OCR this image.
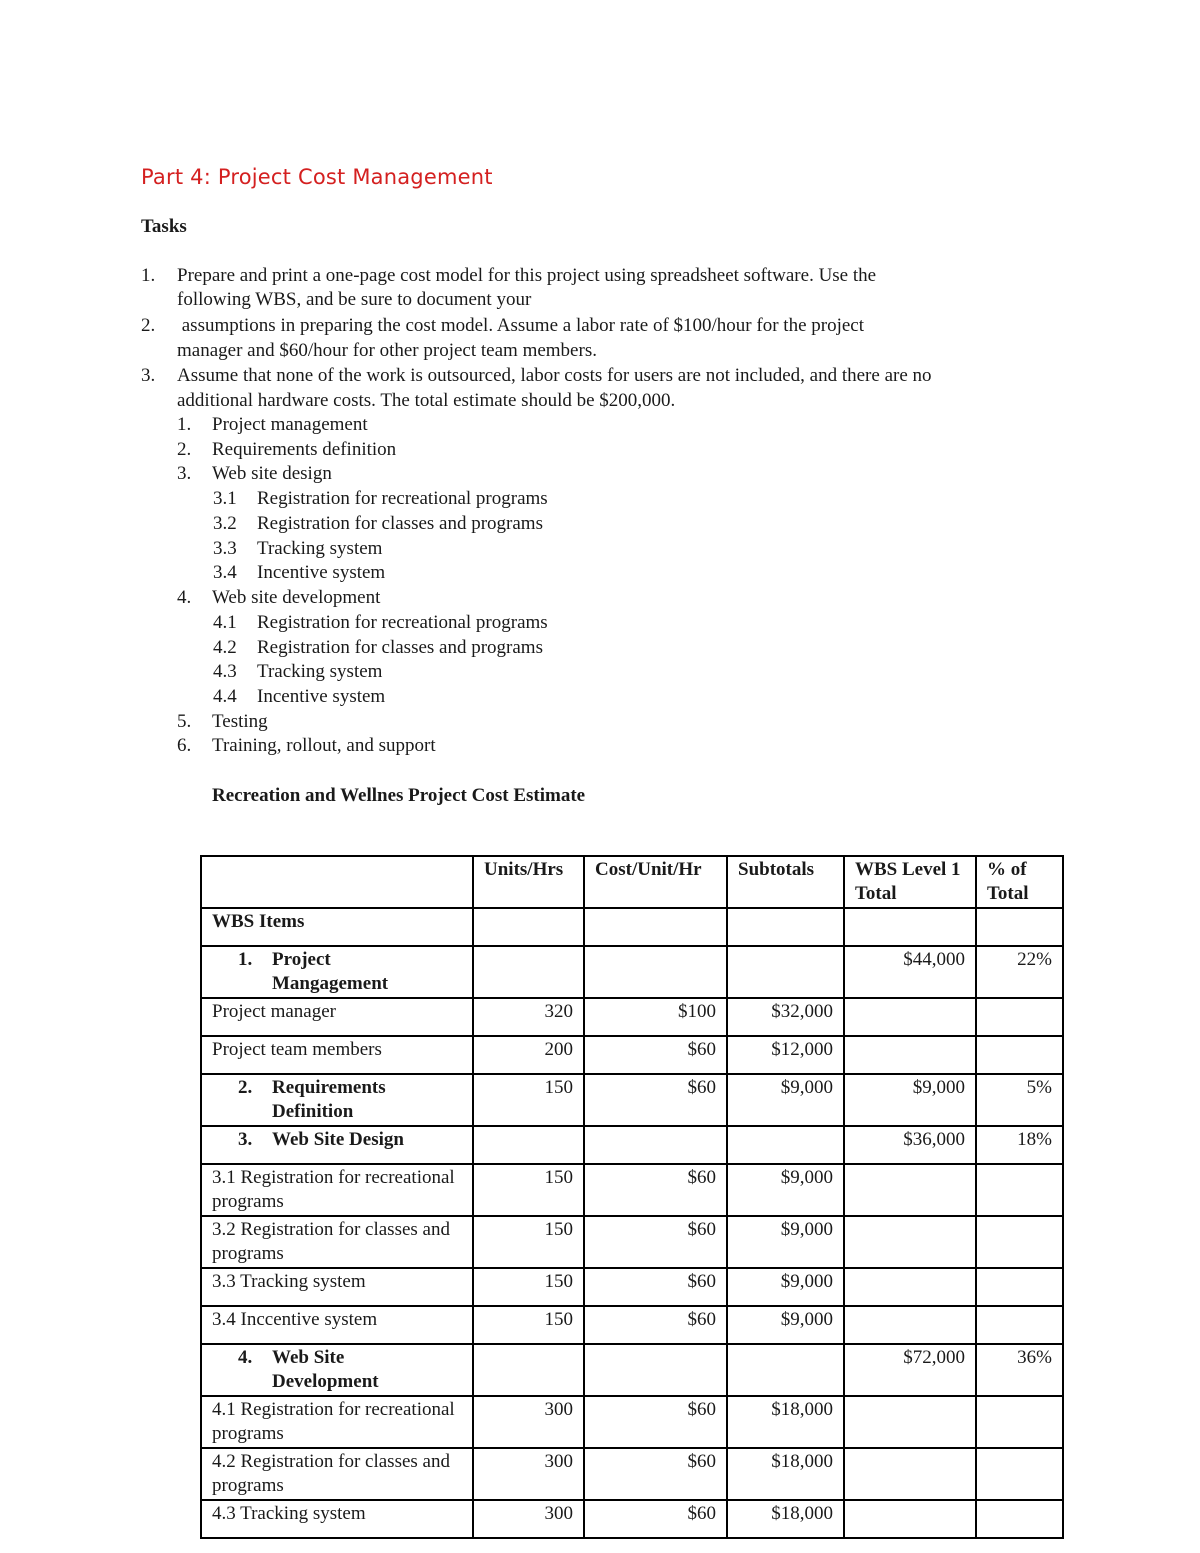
Part 4: Project Cost Management
Tasks
1. Prepare and print a one-page cost model for this project using spreadsheet software. Use the
following WBS, and be sure to document your
2. assumptions in preparing the cost model. Assume a labor rate of $100/hour for the project
manager and $60/hour for other project team members.
3. Assume that none of the work is outsourced, labor costs for users are not included, and there are no
additional hardware costs. The total estimate should be $200,000.
1. Project management
2. Requirements definition
3. Web site design
3.1 Registration for recreational programs
3.2 Registration for classes and programs
3.3 Tracking system
3.4 Incentive system
4. Web site development
4.1 Registration for recreational programs
4.2 Registration for classes and programs
4.3 Tracking system
4.4 Incentive system
5. Testing
6. Training, rollout, and support
Recreation and Wellnes Project Cost Estimate
	Units/Hrs	Cost/Unit/Hr	Subtotals	WBS Level 1 Total	% of Total
WBS Items					
1. Project Mangagement				$44,000	22%
Project manager	320	$100	$32,000		
Project team members	200	$60	$12,000		
2. Requirements Definition	150	$60	$9,000	$9,000	5%
3. Web Site Design				$36,000	18%
3.1 Registration for recreational programs	150	$60	$9,000		
3.2 Registration for classes and programs	150	$60	$9,000		
3.3 Tracking system	150	$60	$9,000		
3.4 Inccentive system	150	$60	$9,000		
4. Web Site Development				$72,000	36%
4.1 Registration for recreational programs	300	$60	$18,000		
4.2 Registration for classes and programs	300	$60	$18,000		
4.3 Tracking system	300	$60	$18,000		
